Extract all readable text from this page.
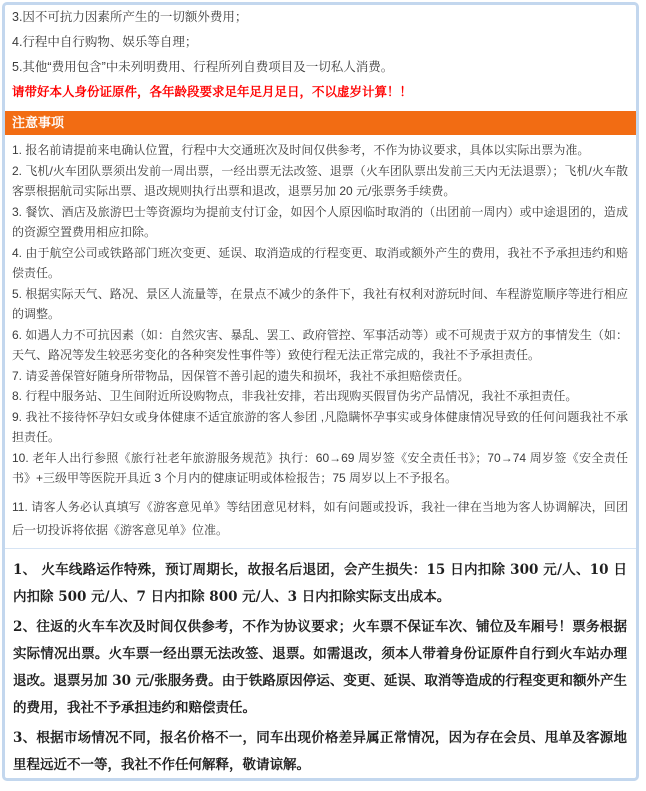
3.因不可抗力因素所产生的一切额外费用；

4.行程中自行购物、娱乐等自理；

5.其他“费用包含”中未列明费用、行程所列自费项目及一切私人消费。

请带好本人身份证原件，各年龄段要求足年足月足日，不以虚岁计算！！

注意事项

1. 报名前请提前来电确认位置，行程中大交通班次及时间仅供参考，不作为协议要求，具体以实际出票为准。

2. 飞机/火车团队票须出发前一周出票，一经出票无法改签、退票（火车团队票出发前三天内无法退票）；飞机/火车散客票根据航司实际出票、退改规则执行出票和退改，退票另加 20 元/张票务手续费。

3. 餐饮、酒店及旅游巴士等资源均为提前支付订金，如因个人原因临时取消的（出团前一周内）或中途退团的，造成的资源空置费用相应扣除。

4. 由于航空公司或铁路部门班次变更、延误、取消造成的行程变更、取消或额外产生的费用，我社不予承担违约和赔偿责任。

5. 根据实际天气、路况、景区人流量等，在景点不减少的条件下，我社有权利对游玩时间、车程游览顺序等进行相应的调整。

6. 如遇人力不可抗因素（如：自然灾害、暴乱、罢工、政府管控、军事活动等）或不可规责于双方的事情发生（如：天气、路况等发生较恶劣变化的各种突发性事件等）致使行程无法正常完成的，我社不予承担责任。

7. 请妥善保管好随身所带物品，因保管不善引起的遗失和损坏，我社不承担赔偿责任。

8. 行程中服务站、卫生间附近所设购物点，非我社安排，若出现购买假冒伪劣产品情况，我社不承担责任。

9. 我社不接待怀孕妇女或身体健康不适宜旅游的客人参团 ,凡隐瞒怀孕事实或身体健康情况导致的任何问题我社不承担责任。

10. 老年人出行参照《旅行社老年旅游服务规范》执行：60→69 周岁签《安全责任书》；70→74 周岁签《安全责任书》+三级甲等医院开具近 3 个月内的健康证明或体检报告；75 周岁以上不予报名。

11. 请客人务必认真填写《游客意见单》等结团意见材料，如有问题或投诉，我社一律在当地为客人协调解决，回团后一切投诉将依据《游客意见单》位准。

1、 火车线路运作特殊，预订周期长，故报名后退团，会产生损失：15 日内扣除 300 元/人、10 日内扣除 500 元/人、7 日内扣除 800 元/人、3 日内扣除实际支出成本。

2、往返的火车车次及时间仅供参考，不作为协议要求；火车票不保证车次、铺位及车厢号！票务根据实际情况出票。火车票一经出票无法改签、退票。如需退改，须本人带着身份证原件自行到火车站办理退改。退票另加 30 元/张服务费。由于铁路原因停运、变更、延误、取消等造成的行程变更和额外产生的费用，我社不予承担违约和赔偿责任。

3、根据市场情况不同，报名价格不一，同车出现价格差异属正常情况，因为存在会员、甩单及客源地里程远近不一等，我社不作任何解释，敬请谅解。
